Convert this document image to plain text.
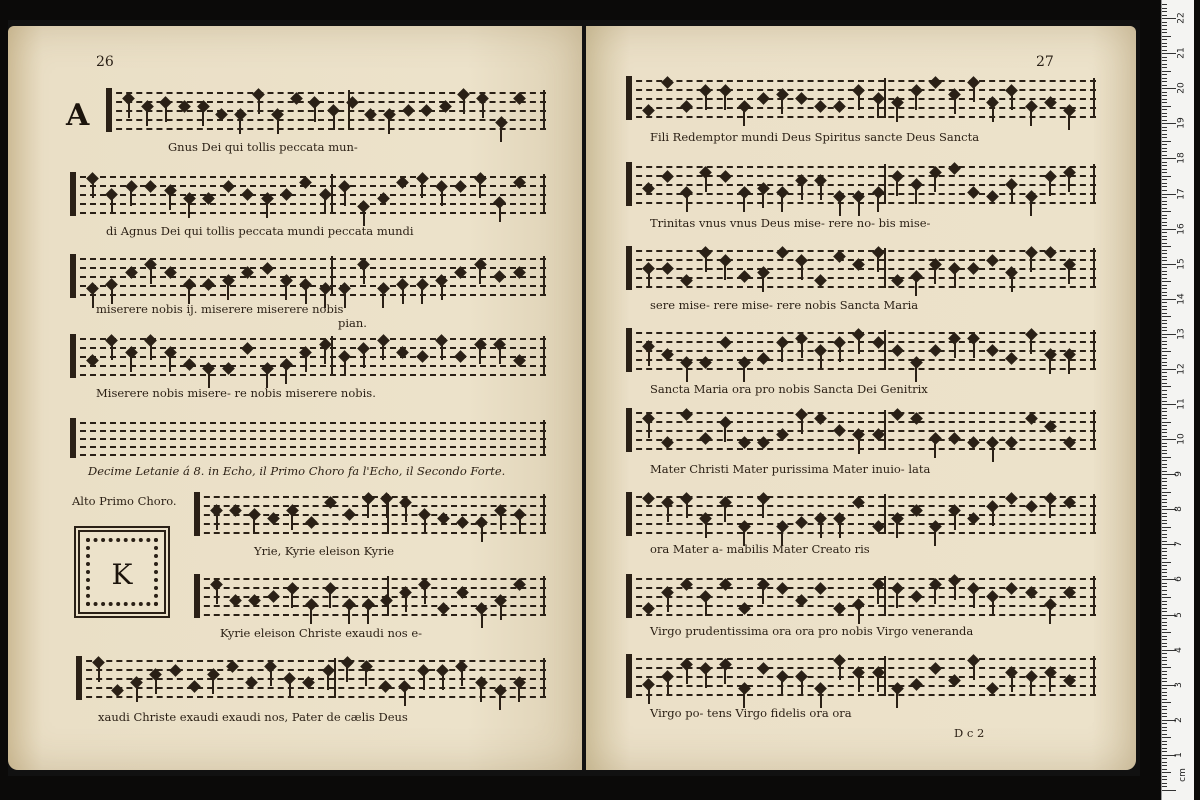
26
A
Gnus Dei qui tollis peccata mun-
di Agnus Dei qui tollis peccata mundi peccata mundi
miserere nobis ij. miserere miserere nobis
pian.
Miserere nobis misere- re nobis miserere nobis.
Decime Letanie á 8. in Echo, il Primo Choro fa l'Echo, il Secondo Forte.
Alto Primo Choro.
K
Yrie, Kyrie eleison Kyrie
Kyrie eleison Christe exaudi nos e-
xaudi Christe exaudi exaudi nos, Pater de cælis Deus
27
Fili Redemptor mundi Deus Spiritus sancte Deus Sancta
Trinitas vnus vnus Deus mise- rere no- bis mise-
sere mise- rere mise- rere nobis Sancta Maria
Sancta Maria ora pro nobis Sancta Dei Genitrix
Mater Christi Mater purissima Mater inuio- lata
ora Mater a- mabilis Mater Creato ris
Virgo prudentissima ora ora pro nobis Virgo veneranda
Virgo po- tens Virgo fidelis ora ora
D c 2
1
2
3
4
5
6
7
8
9
10
11
12
13
14
15
16
17
18
19
20
21
22
cm
